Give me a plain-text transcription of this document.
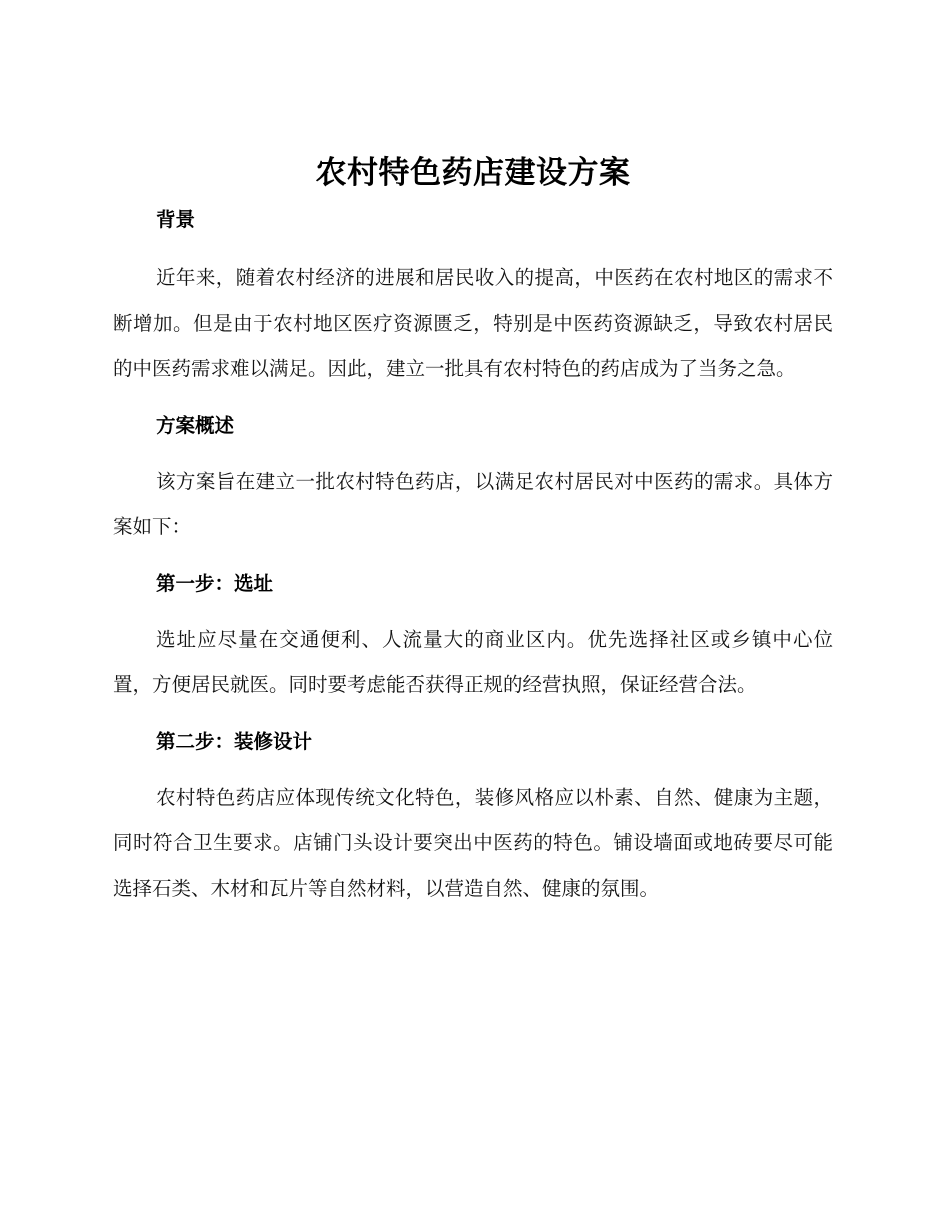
农村特色药店建设方案
背景

近年来，随着农村经济的进展和居民收入的提高，中医药在农村地区的需求不断增加。但是由于农村地区医疗资源匮乏，特别是中医药资源缺乏，导致农村居民的中医药需求难以满足。因此，建立一批具有农村特色的药店成为了当务之急。

方案概述

该方案旨在建立一批农村特色药店，以满足农村居民对中医药的需求。具体方案如下：

第一步：选址

选址应尽量在交通便利、人流量大的商业区内。优先选择社区或乡镇中心位置，方便居民就医。同时要考虑能否获得正规的经营执照，保证经营合法。

第二步：装修设计

农村特色药店应体现传统文化特色，装修风格应以朴素、自然、健康为主题，同时符合卫生要求。店铺门头设计要突出中医药的特色。铺设墙面或地砖要尽可能选择石类、木材和瓦片等自然材料，以营造自然、健康的氛围。
